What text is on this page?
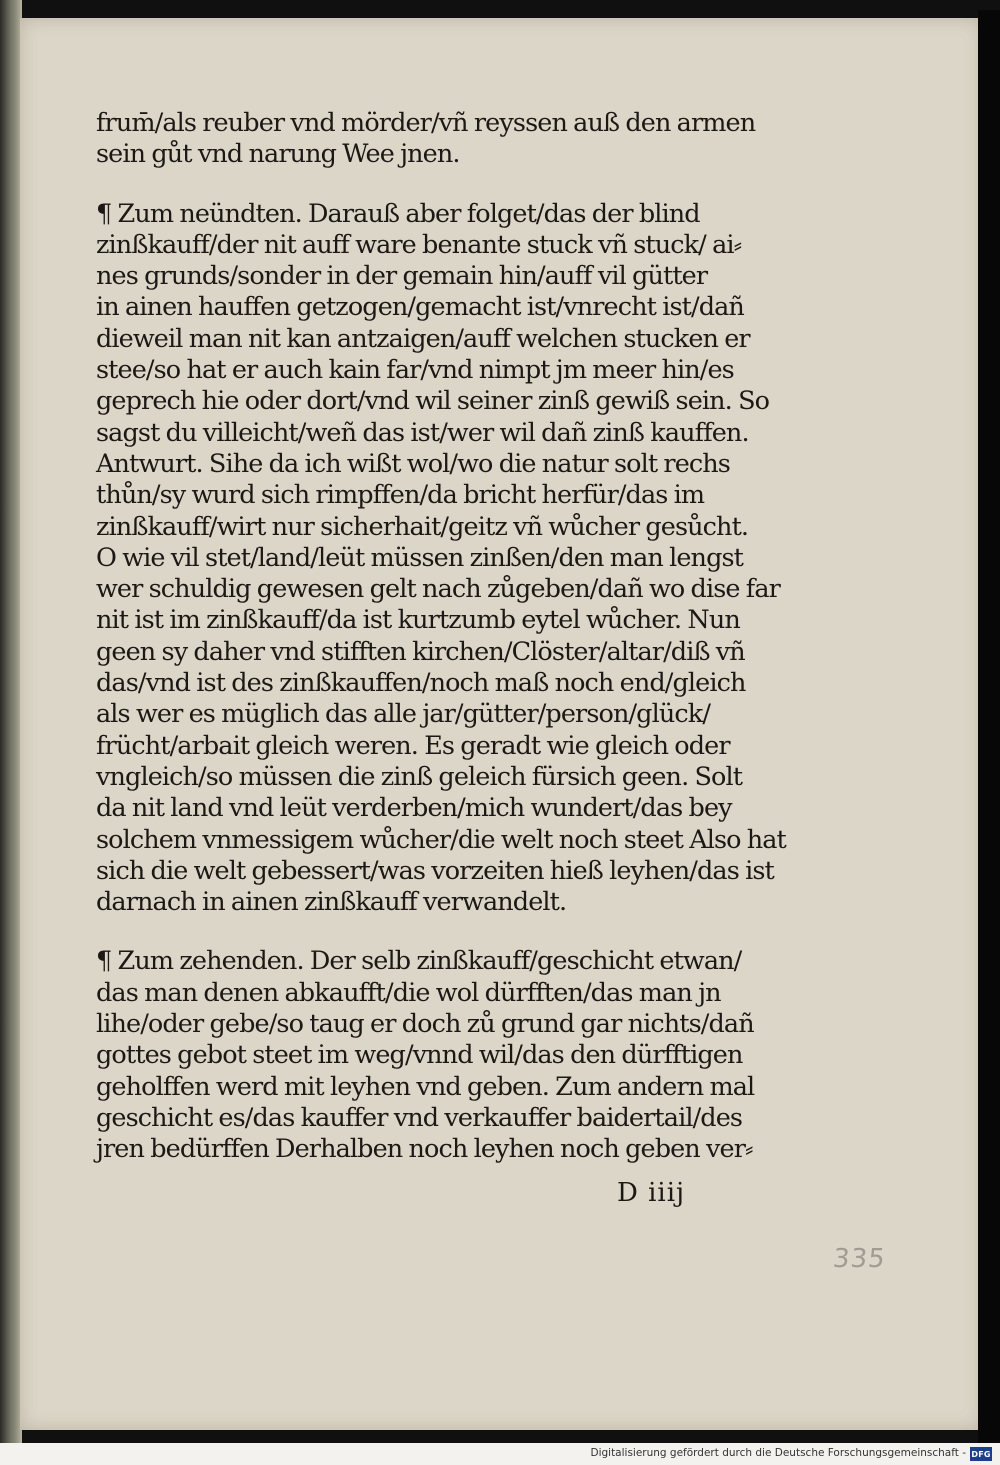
frum̄/als reuber vnd mörder/vñ reyssen auß den armen
sein gůt vnd narung Wee jnen.
¶ Zum neündten. Darauß aber folget/das der blind
zinßkauff/der nit auff ware benante stuck vñ stuck/ ai⸗
nes grunds/sonder in der gemain hin/auff vil gütter
in ainen hauffen getzogen/gemacht ist/vnrecht ist/dañ
dieweil man nit kan antzaigen/auff welchen stucken er
stee/so hat er auch kain far/vnd nimpt jm meer hin/es
geprech hie oder dort/vnd wil seiner zinß gewiß sein. So
sagst du villeicht/weñ das ist/wer wil dañ zinß kauffen.
Antwurt. Sihe da ich wißt wol/wo die natur solt rechs
thůn/sy wurd sich rimpffen/da bricht herfür/das im
zinßkauff/wirt nur sicherhait/geitz vñ wůcher gesůcht.
O wie vil stet/land/leüt müssen zinßen/den man lengst
wer schuldig gewesen gelt nach zůgeben/dañ wo dise far
nit ist im zinßkauff/da ist kurtzumb eytel wůcher. Nun
geen sy daher vnd stifften kirchen/Clöster/altar/diß vñ
das/vnd ist des zinßkauffen/noch maß noch end/gleich
als wer es müglich das alle jar/gütter/person/glück/
frücht/arbait gleich weren. Es geradt wie gleich oder
vngleich/so müssen die zinß geleich fürsich geen. Solt
da nit land vnd leüt verderben/mich wundert/das bey
solchem vnmessigem wůcher/die welt noch steet Also hat
sich die welt gebessert/was vorzeiten hieß leyhen/das ist
darnach in ainen zinßkauff verwandelt.
¶ Zum zehenden. Der selb zinßkauff/geschicht etwan/
das man denen abkaufft/die wol dürfften/das man jn
lihe/oder gebe/so taug er doch zů grund gar nichts/dañ
gottes gebot steet im weg/vnnd wil/das den dürfftigen
geholffen werd mit leyhen vnd geben. Zum andern mal
geschicht es/das kauffer vnd verkauffer baidertail/des
jren bedürffen Derhalben noch leyhen noch geben ver⸗
D iiij
335
Digitalisierung gefördert durch die Deutsche Forschungsgemeinschaft - DFG
